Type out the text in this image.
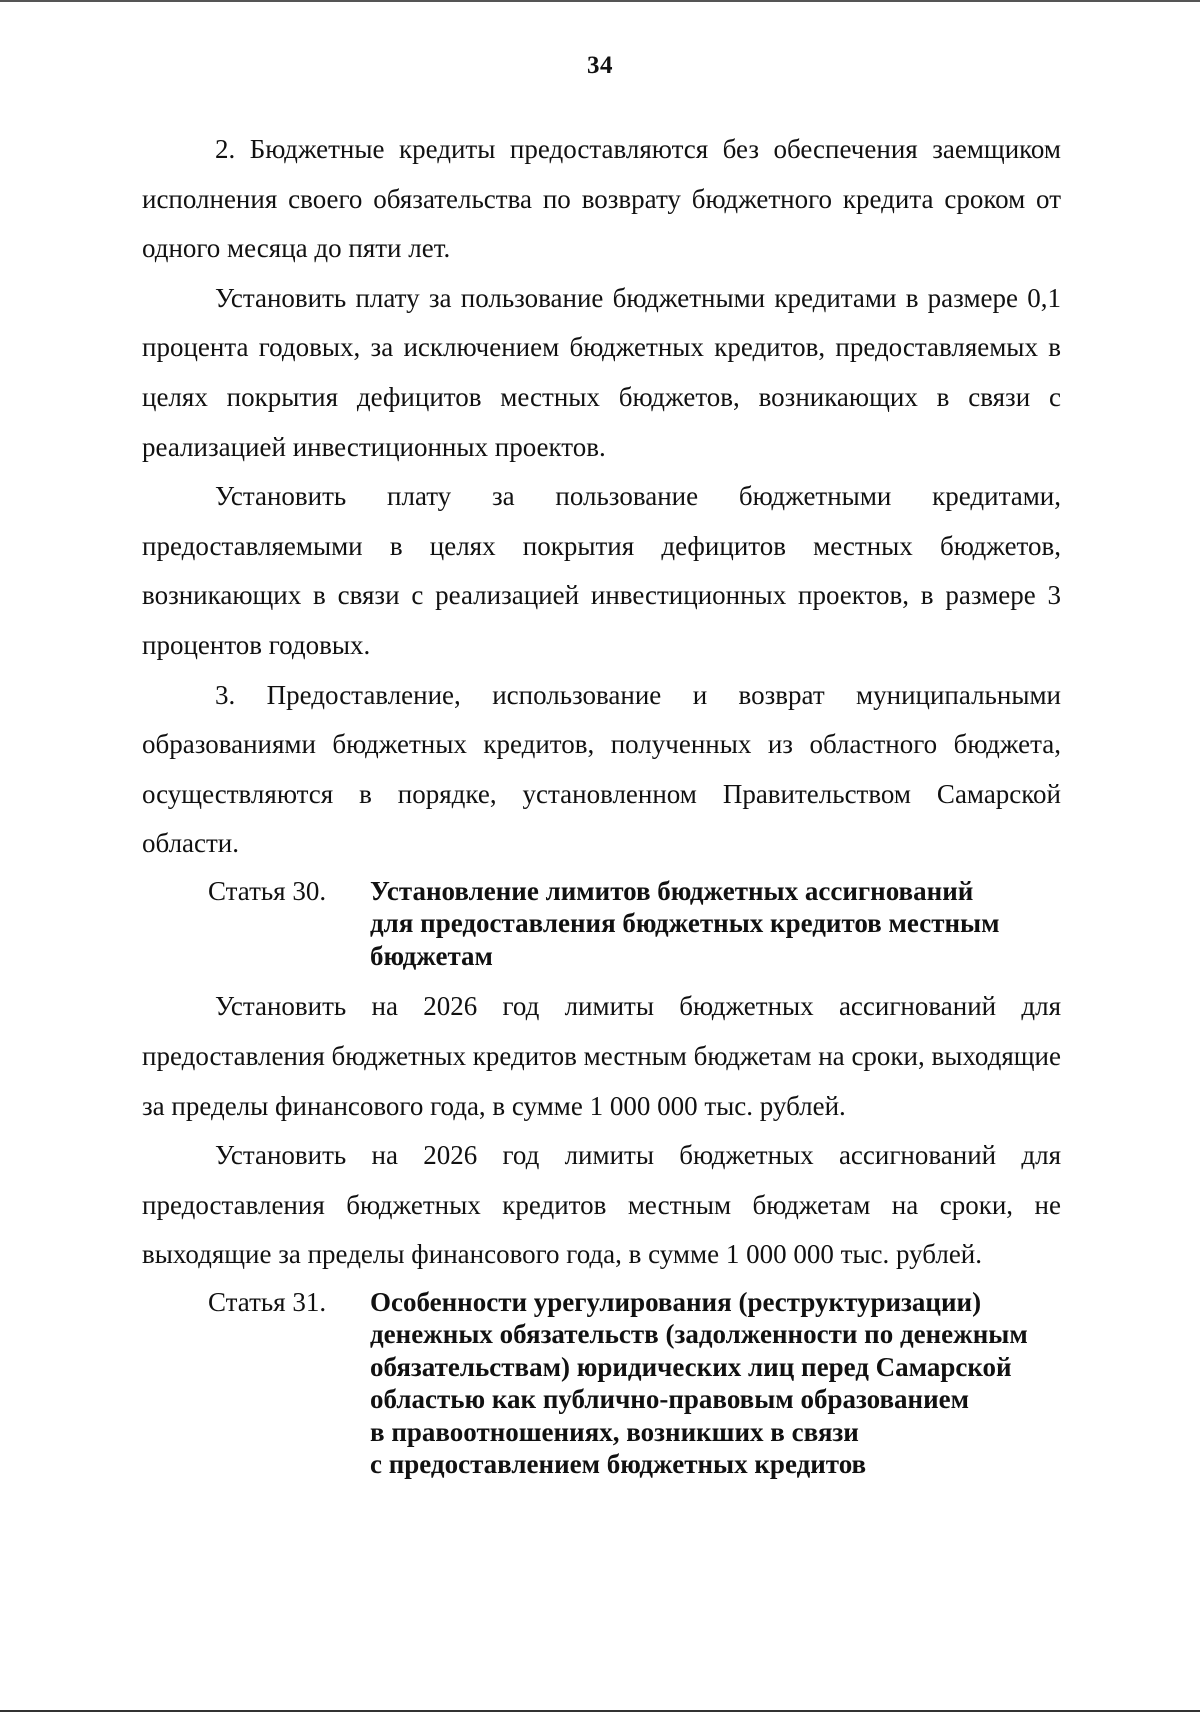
34

2. Бюджетные кредиты предоставляются без обеспечения заемщиком исполнения своего обязательства по возврату бюджетного кредита сроком от одного месяца до пяти лет.

Установить плату за пользование бюджетными кредитами в размере 0,1 процента годовых, за исключением бюджетных кредитов, предоставляемых в целях покрытия дефицитов местных бюджетов, возникающих в связи с реализацией инвестиционных проектов.

Установить плату за пользование бюджетными кредитами, предоставляемыми в целях покрытия дефицитов местных бюджетов, возникающих в связи с реализацией инвестиционных проектов, в размере 3 процентов годовых.

3. Предоставление, использование и возврат муниципальными образованиями бюджетных кредитов, полученных из областного бюджета, осуществляются в порядке, установленном Правительством Самарской области.

Статья 30.	Установление лимитов бюджетных ассигнований
для предоставления бюджетных кредитов местным
бюджетам

Установить на 2026 год лимиты бюджетных ассигнований для предоставления бюджетных кредитов местным бюджетам на сроки, выходящие за пределы финансового года, в сумме 1 000 000 тыс. рублей.

Установить на 2026 год лимиты бюджетных ассигнований для предоставления бюджетных кредитов местным бюджетам на сроки, не выходящие за пределы финансового года, в сумме 1 000 000 тыс. рублей.

Статья 31.	Особенности урегулирования (реструктуризации)
денежных обязательств (задолженности по денежным
обязательствам) юридических лиц перед Самарской
областью как публично-правовым образованием
в правоотношениях, возникших в связи
с предоставлением бюджетных кредитов
